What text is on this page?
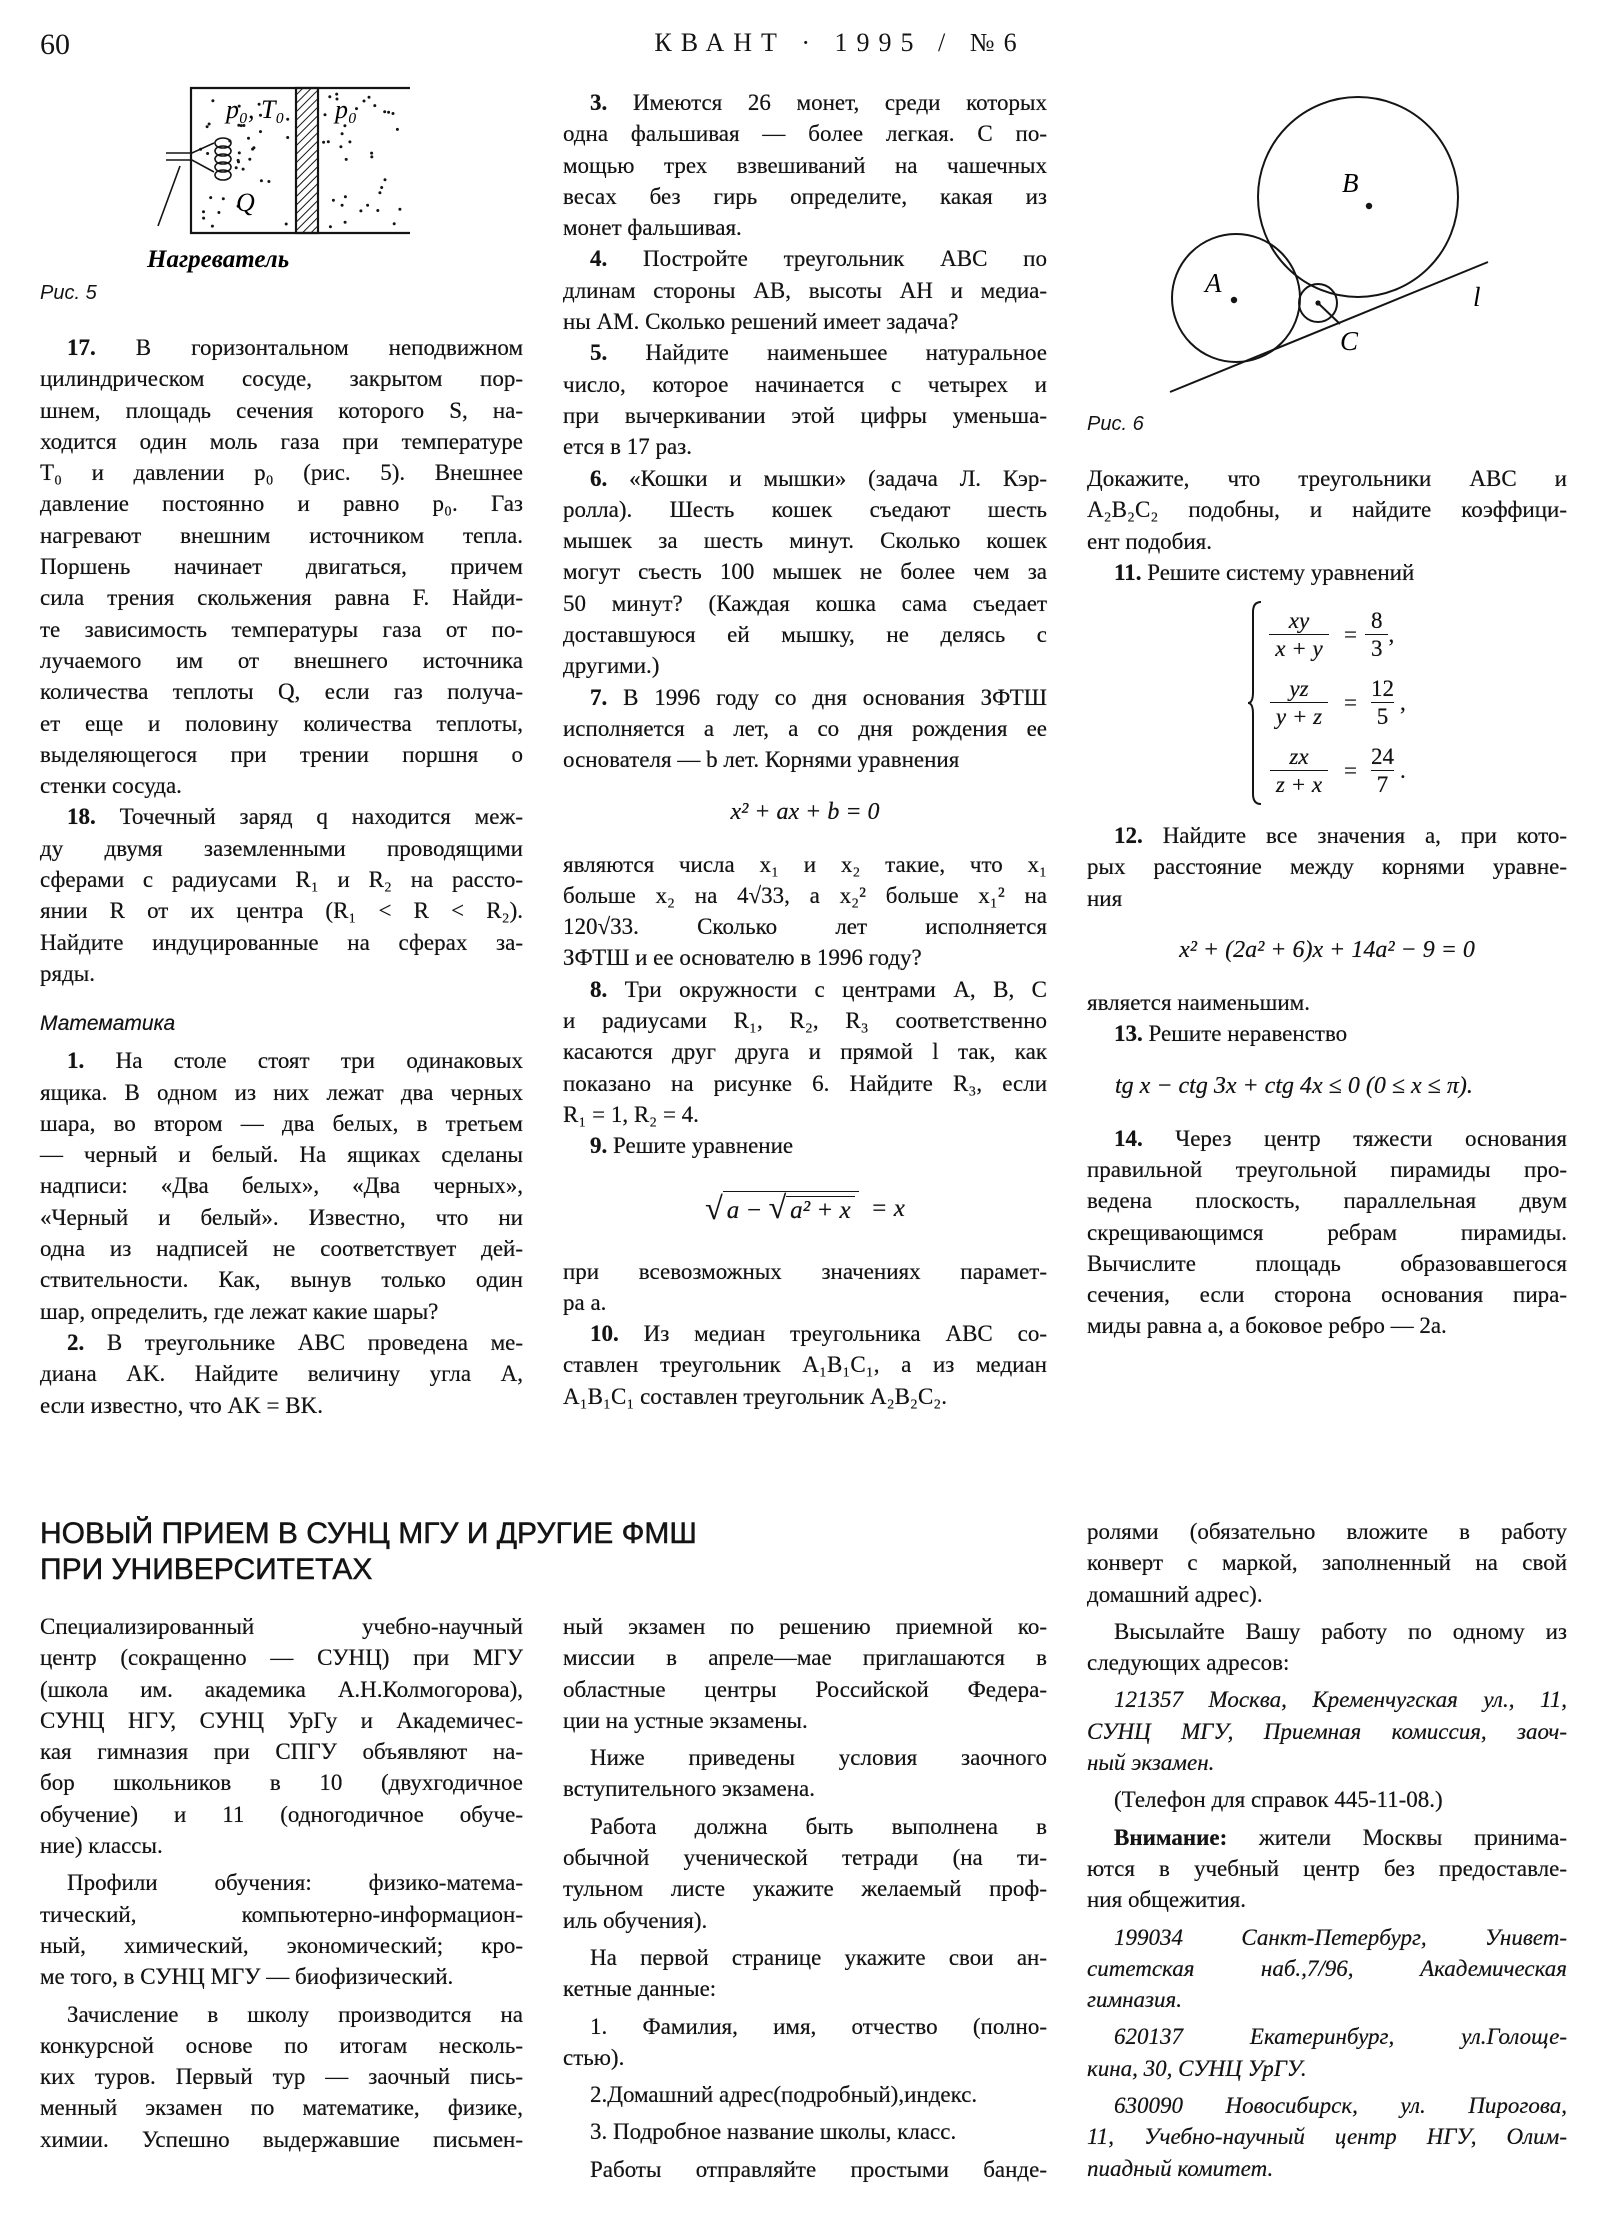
60	КВАНТ · 1995 / №6
p₀, T₀ p₀
Q
Нагреватель
Рис. 5
B
A
C
l
Рис. 6
17. В горизонтальном неподвижном
цилиндрическом сосуде, закрытом пор-
шнем, площадь сечения которого S, на-
ходится один моль газа при температуре
T₀ и давлении p₀ (рис. 5). Внешнее
давление постоянно и равно p₀. Газ
нагревают внешним источником тепла.
Поршень начинает двигаться, причем
сила трения скольжения равна F. Найди-
те зависимость температуры газа от по-
лучаемого им от внешнего источника
количества теплоты Q, если газ получа-
ет еще и половину количества теплоты,
выделяющегося при трении поршня о
стенки сосуда.
18. Точечный заряд q находится меж-
ду двумя заземленными проводящими
сферами с радиусами R₁ и R₂ на рассто-
янии R от их центра (R₁ < R < R₂).
Найдите индуцированные на сферах за-
ряды.
Математика
1. На столе стоят три одинаковых
ящика. В одном из них лежат два черных
шара, во втором — два белых, в третьем
— черный и белый. На ящиках сделаны
надписи: «Два белых», «Два черных»,
«Черный и белый». Известно, что ни
одна из надписей не соответствует дей-
ствительности. Как, вынув только один
шар, определить, где лежат какие шары?
2. В треугольнике ABC проведена ме-
диана AK. Найдите величину угла A,
если известно, что AK = BK.
3. Имеются 26 монет, среди которых
одна фальшивая — более легкая. С по-
мощью трех взвешиваний на чашечных
весах без гирь определите, какая из
монет фальшивая.
4. Постройте треугольник ABC по
длинам стороны AB, высоты AH и медиа-
ны AM. Сколько решений имеет задача?
5. Найдите наименьшее натуральное
число, которое начинается с четырех и
при вычеркивании этой цифры уменьша-
ется в 17 раз.
6. «Кошки и мышки» (задача Л. Кэр-
ролла). Шесть кошек съедают шесть
мышек за шесть минут. Сколько кошек
могут съесть 100 мышек не более чем за
50 минут? (Каждая кошка сама съедает
доставшуюся ей мышку, не делясь с
другими.)
7. В 1996 году со дня основания ЗФТШ
исполняется a лет, а со дня рождения ее
основателя — b лет. Корнями уравнения
x² + ax + b = 0
являются числа x₁ и x₂ такие, что x₁
больше x₂ на 4√33, а x₂² больше x₁² на
120√33. Сколько лет исполняется
ЗФТШ и ее основателю в 1996 году?
8. Три окружности с центрами A, B, C
и радиусами R₁, R₂, R₃ соответственно
касаются друг друга и прямой l так, как
показано на рисунке 6. Найдите R₃, если
R₁ = 1, R₂ = 4.
9. Решите уравнение
√ a − √ a² + x = x
при всевозможных значениях парамет-
ра a.
10. Из медиан треугольника ABC со-
ставлен треугольник A₁B₁C₁, а из медиан
A₁B₁C₁ составлен треугольник A₂B₂C₂.
Докажите, что треугольники ABC и
A₂B₂C₂ подобны, и найдите коэффици-
ент подобия.
11. Решите систему уравнений
$\frac{xy}{x + y} = \frac{8}{3}$ ,
$\frac{yz}{y + z} = \frac{12}{5}$ ,
$\frac{zx}{z + x} = \frac{24}{7}$ .
12. Найдите все значения a, при кото-
рых расстояние между корнями уравне-
ния
x² + (2a² + 6)x + 14a² − 9 = 0
является наименьшим.
13. Решите неравенство
tg x − ctg 3x + ctg 4x ≤ 0 (0 ≤ x ≤ π).
14. Через центр тяжести основания
правильной треугольной пирамиды про-
ведена плоскость, параллельная двум
скрещивающимся ребрам пирамиды.
Вычислите площадь образовавшегося
сечения, если сторона основания пира-
миды равна a, а боковое ребро — 2a.
НОВЫЙ ПРИЕМ В СУНЦ МГУ И ДРУГИЕ ФМШ
ПРИ УНИВЕРСИТЕТАХ
Специализированный учебно-научный
центр (сокращенно — СУНЦ) при МГУ
(школа им. академика А.Н.Колмогорова),
СУНЦ НГУ, СУНЦ УрГу и Академичес-
кая гимназия при СПГУ объявляют на-
бор школьников в 10 (двухгодичное
обучение) и 11 (одногодичное обуче-
ние) классы.
Профили обучения: физико-матема-
тический, компьютерно-информацион-
ный, химический, экономический; кро-
ме того, в СУНЦ МГУ — биофизический.
Зачисление в школу производится на
конкурсной основе по итогам несколь-
ких туров. Первый тур — заочный пись-
менный экзамен по математике, физике,
химии. Успешно выдержавшие письмен-
ный экзамен по решению приемной ко-
миссии в апреле—мае приглашаются в
областные центры Российской Федера-
ции на устные экзамены.
Ниже приведены условия заочного
вступительного экзамена.
Работа должна быть выполнена в
обычной ученической тетради (на ти-
тульном листе укажите желаемый проф-
иль обучения).
На первой странице укажите свои ан-
кетные данные:
1. Фамилия, имя, отчество (полно-
стью).
2.Домашний адрес(подробный),индекс.
3. Подробное название школы, класс.
Работы отправляйте простыми банде-
ролями (обязательно вложите в работу
конверт с маркой, заполненный на свой
домашний адрес).
Высылайте Вашу работу по одному из
следующих адресов:
121357 Москва, Кременчугская ул., 11,
СУНЦ МГУ, Приемная комиссия, заоч-
ный экзамен.
(Телефон для справок 445-11-08.)
Внимание: жители Москвы принима-
ются в учебный центр без предоставле-
ния общежития.
199034 Санкт-Петербург, Унивет-
ситетская наб.,7/96, Академическая
гимназия.
620137 Екатеринбург, ул.Голоще-
кина, 30, СУНЦ УрГУ.
630090 Новосибирск, ул. Пирогова,
11, Учебно-научный центр НГУ, Олим-
пиадный комитет.
